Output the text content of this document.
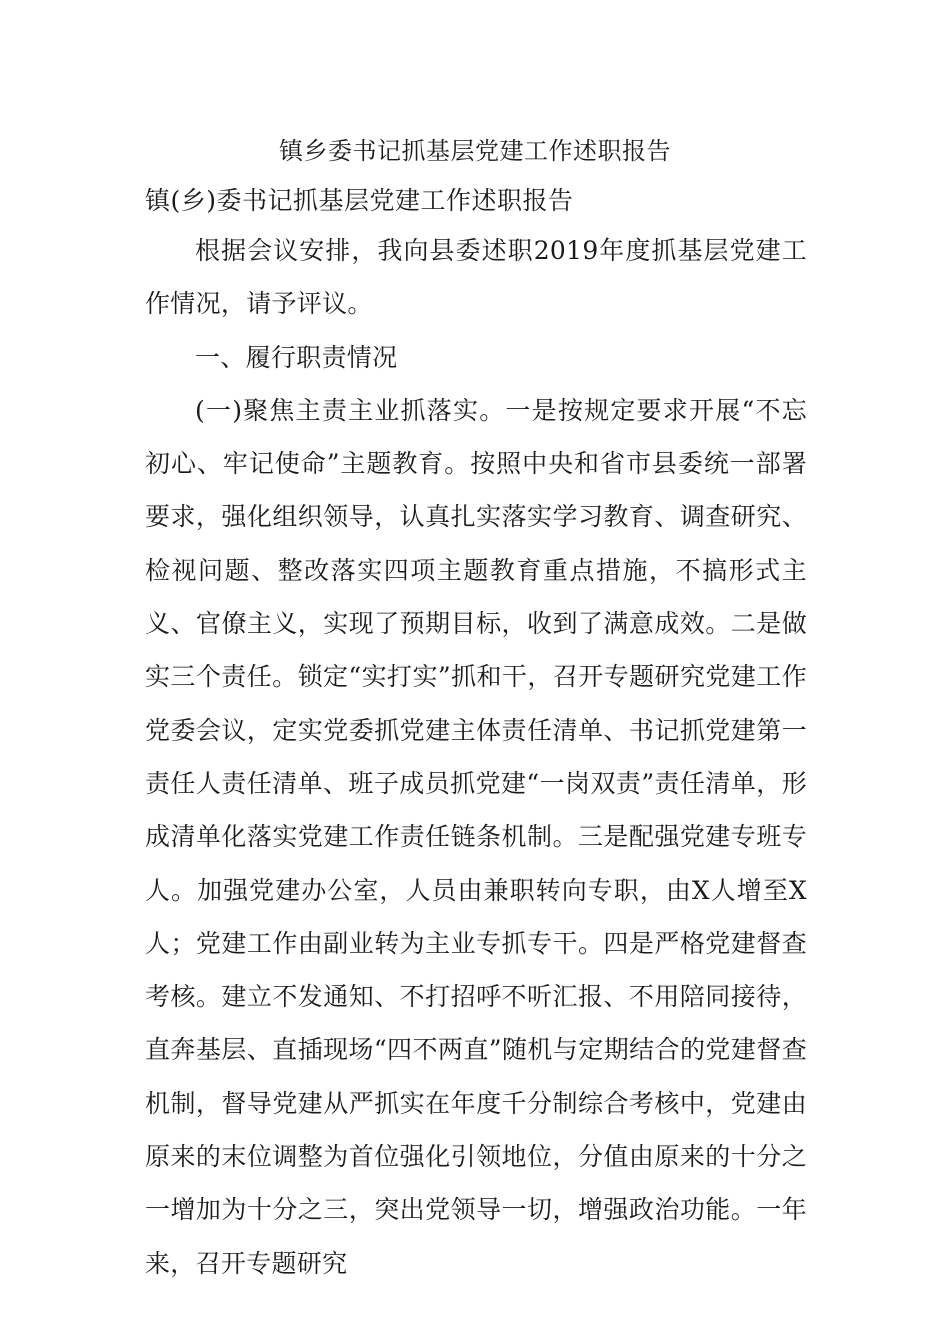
镇乡委书记抓基层党建工作述职报告
镇(乡)委书记抓基层党建工作述职报告

根据会议安排，我向县委述职2019年度抓基层党建工作情况，请予评议。

一、履行职责情况

(一)聚焦主责主业抓落实。一是按规定要求开展“不忘初心、牢记使命”主题教育。按照中央和省市县委统一部署要求，强化组织领导，认真扎实落实学习教育、调查研究、检视问题、整改落实四项主题教育重点措施，不搞形式主义、官僚主义，实现了预期目标，收到了满意成效。二是做实三个责任。锁定“实打实”抓和干，召开专题研究党建工作党委会议，定实党委抓党建主体责任清单、书记抓党建第一责任人责任清单、班子成员抓党建“一岗双责”责任清单，形成清单化落实党建工作责任链条机制。三是配强党建专班专人。加强党建办公室，人员由兼职转向专职，由X人增至X人；党建工作由副业转为主业专抓专干。四是严格党建督查考核。建立不发通知、不打招呼不听汇报、不用陪同接待，直奔基层、直插现场“四不两直”随机与定期结合的党建督查机制，督导党建从严抓实在年度千分制综合考核中，党建由原来的末位调整为首位强化引领地位，分值由原来的十分之一增加为十分之三，突出党领导一切，增强政治功能。一年来，召开专题研究
